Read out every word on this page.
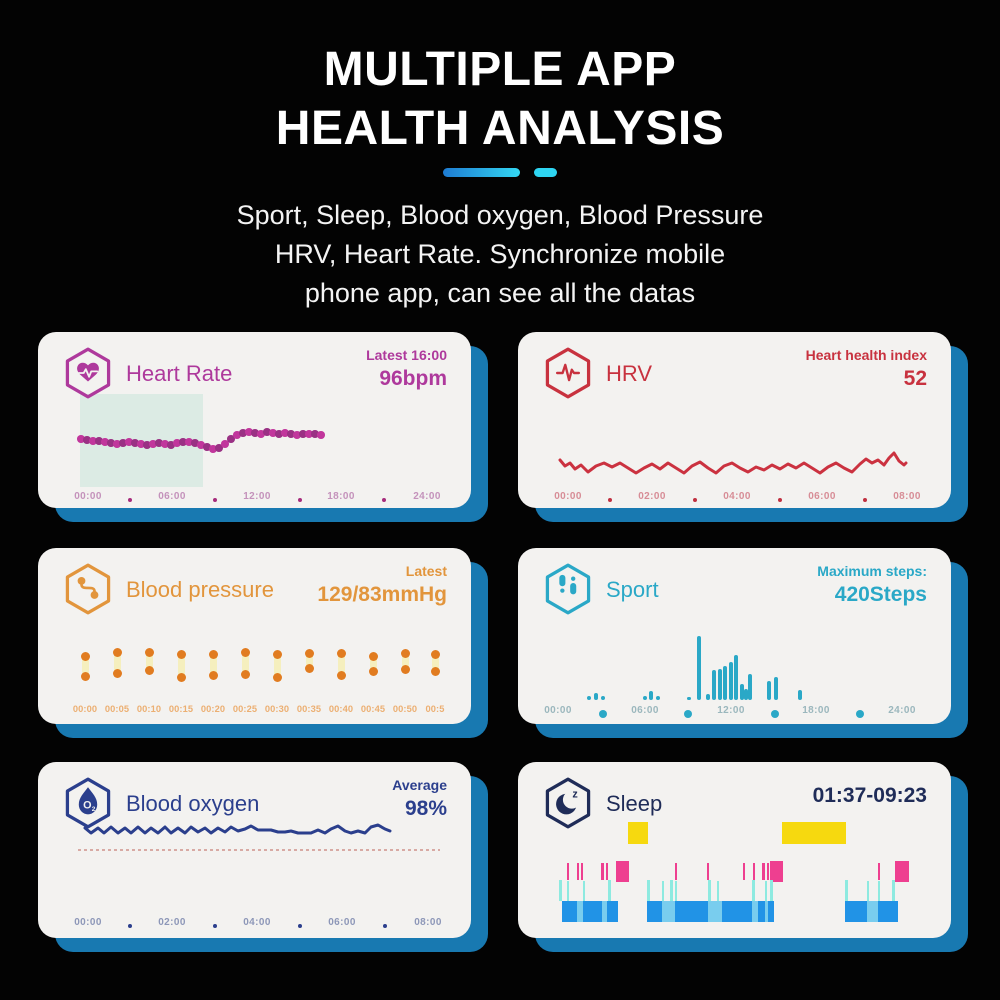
MULTIPLE APP
HEALTH ANALYSIS
Sport, Sleep, Blood oxygen, Blood Pressure
HRV, Heart Rate. Synchronize mobile
phone app, can see all the datas
00:00	06:00	12:00	18:00	24:00
Heart Rate
Latest 16:00
96bpm
00:00	02:00	04:00	06:00	08:00
HRV
Heart health index
52
00:00 00:05 00:10 00:15 00:20 00:25 00:30 00:35 00:40 00:45 00:50 00:5
Blood pressure
Latest
129/83mmHg
00:00	06:00	12:00	18:00	24:00
Sport
Maximum steps:
420Steps
00:00	02:00	04:00	06:00	08:00
O 2 Blood oxygen
Average
98%
z Sleep	01:37-09:23
